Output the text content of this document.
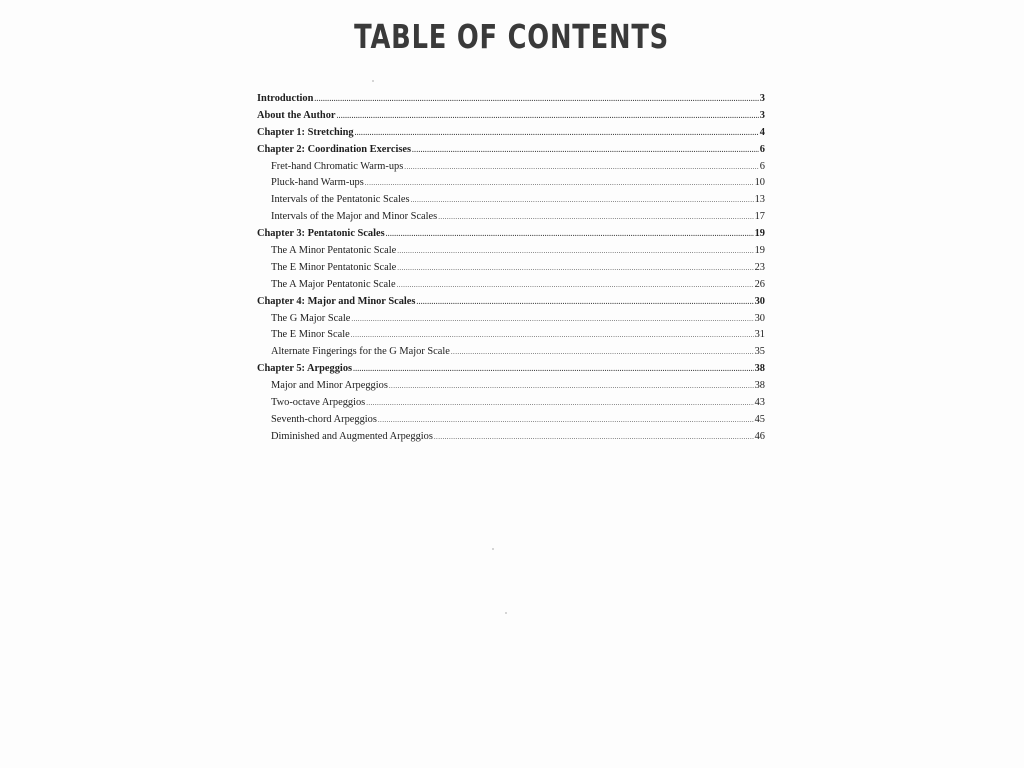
TABLE OF CONTENTS
Introduction .....	3
About the Author .....	3
Chapter 1: Stretching .....	4
Chapter 2: Coordination Exercises .....	6
Fret-hand Chromatic Warm-ups .....	6
Pluck-hand Warm-ups .....	10
Intervals of the Pentatonic Scales .....	13
Intervals of the Major and Minor Scales .....	17
Chapter 3: Pentatonic Scales .....	19
The A Minor Pentatonic Scale .....	19
The E Minor Pentatonic Scale .....	23
The A Major Pentatonic Scale .....	26
Chapter 4: Major and Minor Scales .....	30
The G Major Scale .....	30
The E Minor Scale .....	31
Alternate Fingerings for the G Major Scale .....	35
Chapter 5: Arpeggios .....	38
Major and Minor Arpeggios .....	38
Two-octave Arpeggios .....	43
Seventh-chord Arpeggios .....	45
Diminished and Augmented Arpeggios .....	46
